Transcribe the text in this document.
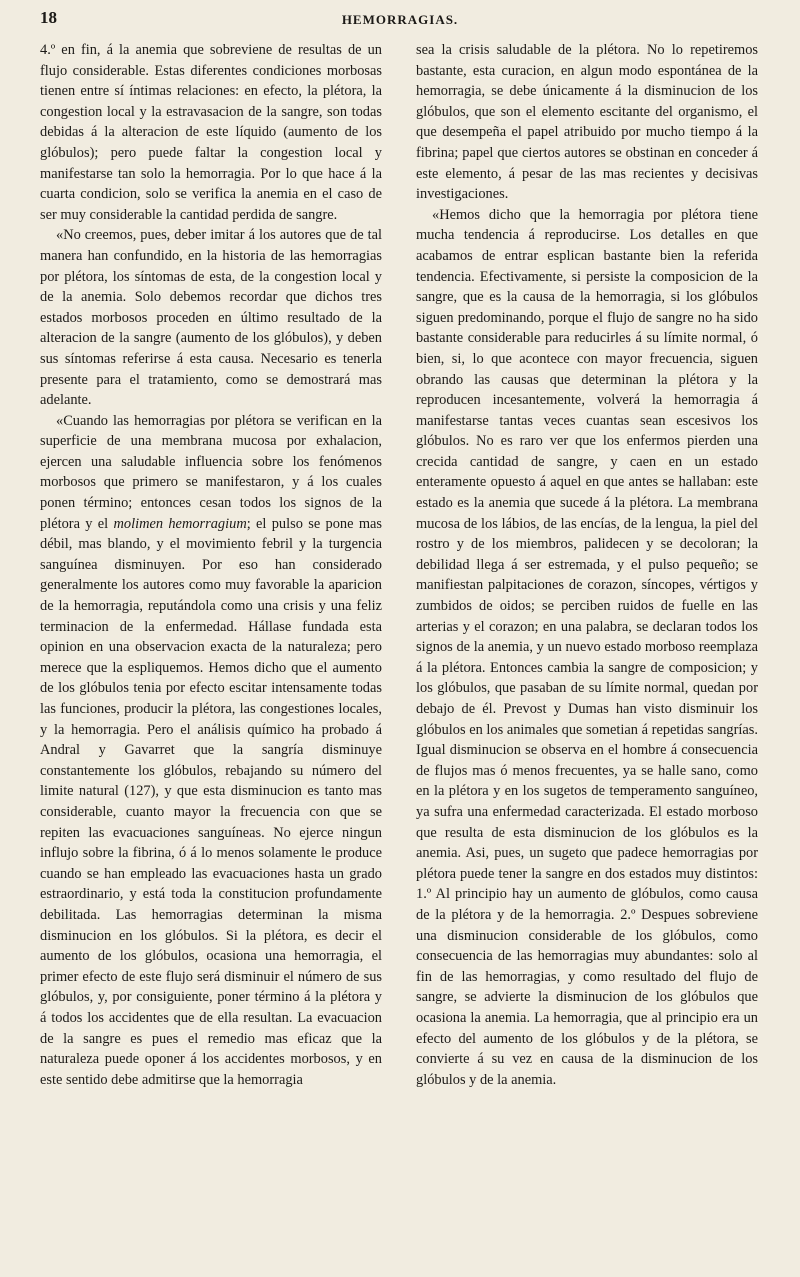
18	HEMORRAGIAS.

4.º en fin, á la anemia que sobreviene de resultas de un flujo considerable. Estas diferentes condiciones morbosas tienen entre sí íntimas relaciones: en efecto, la plétora, la congestion local y la estravasacion de la sangre, son todas debidas á la alteracion de este líquido (aumento de los glóbulos); pero puede faltar la congestion local y manifestarse tan solo la hemorragia. Por lo que hace á la cuarta condicion, solo se verifica la anemia en el caso de ser muy considerable la cantidad perdida de sangre.

«No creemos, pues, deber imitar á los autores que de tal manera han confundido, en la historia de las hemorragias por plétora, los síntomas de esta, de la congestion local y de la anemia. Solo debemos recordar que dichos tres estados morbosos proceden en último resultado de la alteracion de la sangre (aumento de los glóbulos), y deben sus síntomas referirse á esta causa. Necesario es tenerla presente para el tratamiento, como se demostrará mas adelante.

«Cuando las hemorragias por plétora se verifican en la superficie de una membrana mucosa por exhalacion, ejercen una saludable influencia sobre los fenómenos morbosos que primero se manifestaron, y á los cuales ponen término; entonces cesan todos los signos de la plétora y el molimen hemorragium; el pulso se pone mas débil, mas blando, y el movimiento febril y la turgencia sanguínea disminuyen. Por eso han considerado generalmente los autores como muy favorable la aparicion de la hemorragia, reputándola como una crisis y una feliz terminacion de la enfermedad. Hállase fundada esta opinion en una observacion exacta de la naturaleza; pero merece que la espliquemos. Hemos dicho que el aumento de los glóbulos tenia por efecto escitar intensamente todas las funciones, producir la plétora, las congestiones locales, y la hemorragia. Pero el análisis químico ha probado á Andral y Gavarret que la sangría disminuye constantemente los glóbulos, rebajando su número del limite natural (127), y que esta disminucion es tanto mas considerable, cuanto mayor la frecuencia con que se repiten las evacuaciones sanguíneas. No ejerce ningun influjo sobre la fibrina, ó á lo menos solamente le produce cuando se han empleado las evacuaciones hasta un grado estraordinario, y está toda la constitucion profundamente debilitada. Las hemorragias determinan la misma disminucion en los glóbulos. Si la plétora, es decir el aumento de los glóbulos, ocasiona una hemorragia, el primer efecto de este flujo será disminuir el número de sus glóbulos, y, por consiguiente, poner término á la plétora y á todos los accidentes que de ella resultan. La evacuacion de la sangre es pues el remedio mas eficaz que la naturaleza puede oponer á los accidentes morbosos, y en este sentido debe admitirse que la hemorragia

sea la crisis saludable de la plétora. No lo repetiremos bastante, esta curacion, en algun modo espontánea de la hemorragia, se debe únicamente á la disminucion de los glóbulos, que son el elemento escitante del organismo, el que desempeña el papel atribuido por mucho tiempo á la fibrina; papel que ciertos autores se obstinan en conceder á este elemento, á pesar de las mas recientes y decisivas investigaciones.

«Hemos dicho que la hemorragia por plétora tiene mucha tendencia á reproducirse. Los detalles en que acabamos de entrar esplican bastante bien la referida tendencia. Efectivamente, si persiste la composicion de la sangre, que es la causa de la hemorragia, si los glóbulos siguen predominando, porque el flujo de sangre no ha sido bastante considerable para reducirles á su límite normal, ó bien, si, lo que acontece con mayor frecuencia, siguen obrando las causas que determinan la plétora y la reproducen incesantemente, volverá la hemorragia á manifestarse tantas veces cuantas sean escesivos los glóbulos. No es raro ver que los enfermos pierden una crecida cantidad de sangre, y caen en un estado enteramente opuesto á aquel en que antes se hallaban: este estado es la anemia que sucede á la plétora. La membrana mucosa de los lábios, de las encías, de la lengua, la piel del rostro y de los miembros, palidecen y se decoloran; la debilidad llega á ser estremada, y el pulso pequeño; se manifiestan palpitaciones de corazon, síncopes, vértigos y zumbidos de oidos; se perciben ruidos de fuelle en las arterias y el corazon; en una palabra, se declaran todos los signos de la anemia, y un nuevo estado morboso reemplaza á la plétora. Entonces cambia la sangre de composicion; y los glóbulos, que pasaban de su límite normal, quedan por debajo de él. Prevost y Dumas han visto disminuir los glóbulos en los animales que sometian á repetidas sangrías. Igual disminucion se observa en el hombre á consecuencia de flujos mas ó menos frecuentes, ya se halle sano, como en la plétora y en los sugetos de temperamento sanguíneo, ya sufra una enfermedad caracterizada. El estado morboso que resulta de esta disminucion de los glóbulos es la anemia. Asi, pues, un sugeto que padece hemorragias por plétora puede tener la sangre en dos estados muy distintos: 1.º Al principio hay un aumento de glóbulos, como causa de la plétora y de la hemorragia. 2.º Despues sobreviene una disminucion considerable de los glóbulos, como consecuencia de las hemorragias muy abundantes: solo al fin de las hemorragias, y como resultado del flujo de sangre, se advierte la disminucion de los glóbulos que ocasiona la anemia. La hemorragia, que al principio era un efecto del aumento de los glóbulos y de la plétora, se convierte á su vez en causa de la disminucion de los glóbulos y de la anemia.
